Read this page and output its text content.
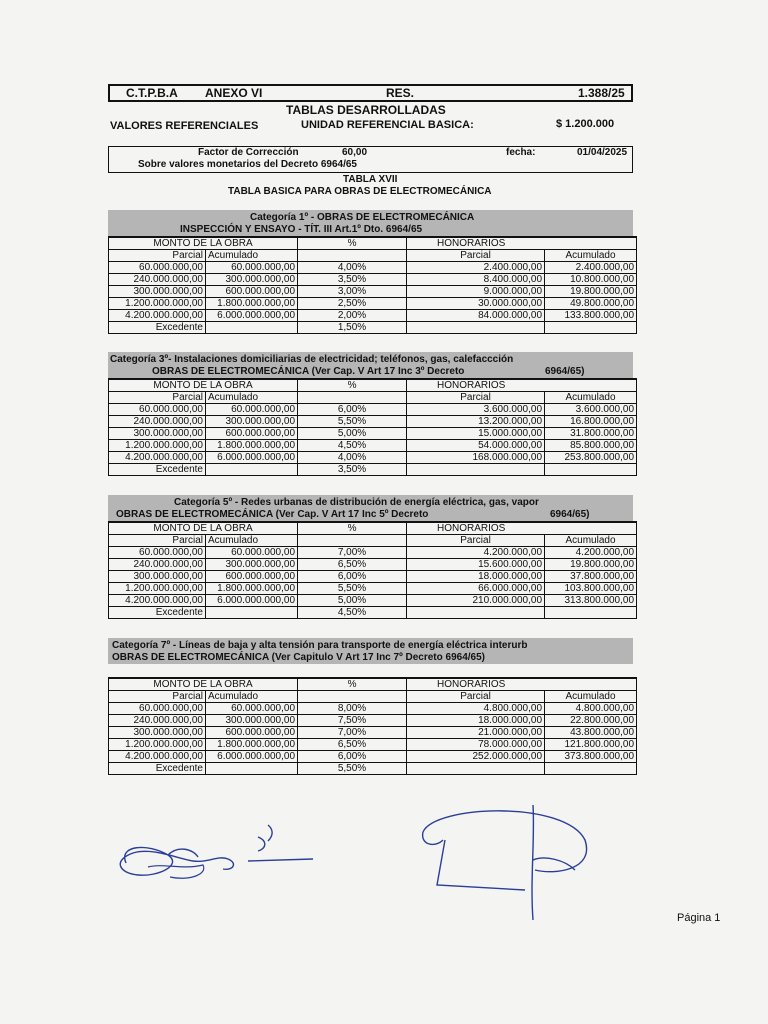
C.T.P.B.A ANEXO VI	RES.	1.388/25
TABLAS DESARROLLADAS
VALORES REFERENCIALES	UNIDAD REFERENCIAL BASICA:	$ 1.200.000
Factor de Corrección	60,00	fecha:	01/04/2025
Sobre valores monetarios del Decreto 6964/65
TABLA XVII
TABLA BASICA PARA OBRAS DE ELECTROMECÁNICA
Categoría 1º - OBRAS DE ELECTROMECÁNICA
INSPECCIÓN Y ENSAYO - TÍT. III Art.1º Dto. 6964/65
MONTO DE LA OBRA		%	HONORARIOS	
Parcial	Acumulado		Parcial	Acumulado
60.000.000,00	60.000.000,00	4,00%	2.400.000,00	2.400.000,00
240.000.000,00	300.000.000,00	3,50%	8.400.000,00	10.800.000,00
300.000.000,00	600.000.000,00	3,00%	9.000.000,00	19.800.000,00
1.200.000.000,00	1.800.000.000,00	2,50%	30.000.000,00	49.800.000,00
4.200.000.000,00	6.000.000.000,00	2,00%	84.000.000,00	133.800.000,00
Excedente		1,50%		
Categoría 3º- Instalaciones domiciliarias de electricidad; teléfonos, gas, calefaccción
OBRAS DE ELECTROMECÁNICA (Ver Cap. V Art 17 Inc 3º Decreto	6964/65)
MONTO DE LA OBRA		%	HONORARIOS	
Parcial	Acumulado		Parcial	Acumulado
60.000.000,00	60.000.000,00	6,00%	3.600.000,00	3.600.000,00
240.000.000,00	300.000.000,00	5,50%	13.200.000,00	16.800.000,00
300.000.000,00	600.000.000,00	5,00%	15.000.000,00	31.800.000,00
1.200.000.000,00	1.800.000.000,00	4,50%	54.000.000,00	85.800.000,00
4.200.000.000,00	6.000.000.000,00	4,00%	168.000.000,00	253.800.000,00
Excedente		3,50%		
Categoría 5º - Redes urbanas de distribución de energía eléctrica, gas, vapor
OBRAS DE ELECTROMECÁNICA (Ver Cap. V Art 17 Inc 5º Decreto	6964/65)
MONTO DE LA OBRA		%	HONORARIOS	
Parcial	Acumulado		Parcial	Acumulado
60.000.000,00	60.000.000,00	7,00%	4.200.000,00	4.200.000,00
240.000.000,00	300.000.000,00	6,50%	15.600.000,00	19.800.000,00
300.000.000,00	600.000.000,00	6,00%	18.000.000,00	37.800.000,00
1.200.000.000,00	1.800.000.000,00	5,50%	66.000.000,00	103.800.000,00
4.200.000.000,00	6.000.000.000,00	5,00%	210.000.000,00	313.800.000,00
Excedente		4,50%		
Categoría 7º - Líneas de baja y alta tensión para transporte de energía eléctrica interurb
OBRAS DE ELECTROMECÁNICA (Ver Capitulo V Art 17 Inc 7º Decreto 6964/65)
MONTO DE LA OBRA		%	HONORARIOS	
Parcial	Acumulado		Parcial	Acumulado
60.000.000,00	60.000.000,00	8,00%	4.800.000,00	4.800.000,00
240.000.000,00	300.000.000,00	7,50%	18.000.000,00	22.800.000,00
300.000.000,00	600.000.000,00	7,00%	21.000.000,00	43.800.000,00
1.200.000.000,00	1.800.000.000,00	6,50%	78.000.000,00	121.800.000,00
4.200.000.000,00	6.000.000.000,00	6,00%	252.000.000,00	373.800.000,00
Excedente		5,50%		
Página 1
